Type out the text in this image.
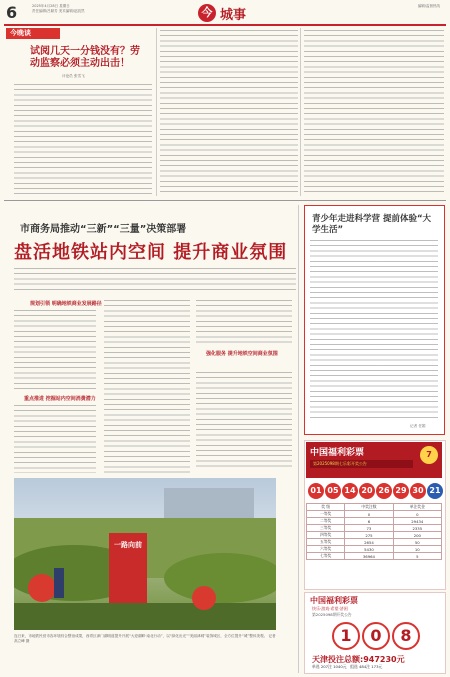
6	2025年4月28日 星期日
责任编辑/吕颖芳 美术编辑/赵凯然	今 城事
编辑/监督热线
今晚谈
试阅几天一分钱没有？劳动监察必须主动出击！
评论员 张雪飞
市商务局推动“三新”“三量”决策部署
盘活地铁站内空间 提升商业氛围
规划引领 明确地铁商业发展路径
重点推进 挖掘站内空间消费潜力
强化服务 提升地铁空间商业氛围
一路向前
连日来，市地铁民营市容环境综合整治成果，西青区津门湖明道提升开展“大爱湖畔·南北行动”，以“绿化出光”“美丽津城”装饰城区，全方位提升“城”整体美观。 记者 高立峰 摄
青少年走进科学营 提前体验“大学生活”
记者 任娟
中国福利彩票
第2025098期七乐彩开奖公告
7
01 05 14 20 26 29 30 21
奖 级	中奖注数	单注奖金
一等奖	0	0
二等奖	6	29434
三等奖	73	2335
四等奖	275	200
五等奖	2654	50
六等奖	5430	10
七等奖	36964	5
中国福利彩票
快乐·游戏·希望·济困
第2025098期开奖公告
1	0	8
天津投注总额:947230元
单选 207注 1040元 组选 484注 173元
